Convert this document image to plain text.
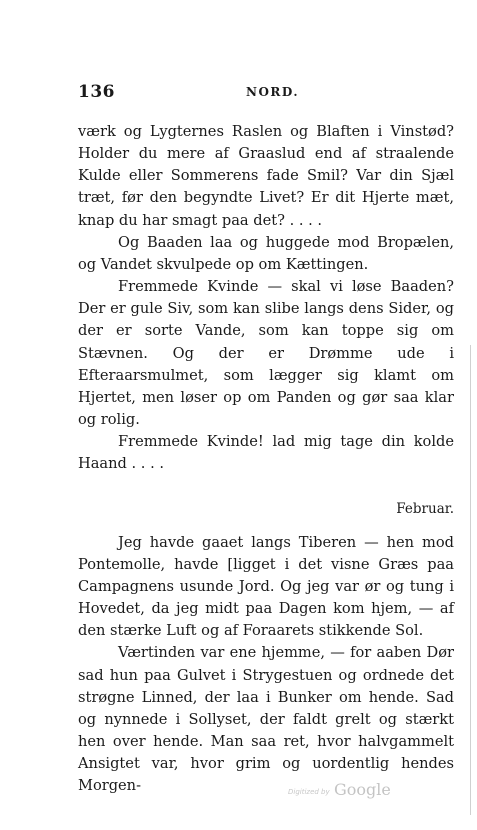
136	NORD.

værk og Lygternes Raslen og Blaften i Vinstød? Holder du mere af Graaslud end af straalende Kulde eller Sommerens fade Smil? Var din Sjæl træt, før den begyndte Livet? Er dit Hjerte mæt, knap du har smagt paa det? . . . .

Og Baaden laa og huggede mod Bropælen, og Vandet skvulpede op om Kættingen.

Fremmede Kvinde — skal vi løse Baaden? Der er gule Siv, som kan slibe langs dens Sider, og der er sorte Vande, som kan toppe sig om Stævnen. Og der er Drømme ude i Efteraarsmulmet, som lægger sig klamt om Hjertet, men løser op om Panden og gør saa klar og rolig.

Fremmede Kvinde! lad mig tage din kolde Haand . . . .

Februar.

Jeg havde gaaet langs Tiberen — hen mod Pontemolle, havde [ligget i det visne Græs paa Campagnens usunde Jord. Og jeg var ør og tung i Hovedet, da jeg midt paa Dagen kom hjem, — af den stærke Luft og af Foraarets stikkende Sol.

Værtinden var ene hjemme, — for aaben Dør sad hun paa Gulvet i Strygestuen og ordnede det strøgne Linned, der laa i Bunker om hende. Sad og nynnede i Sollyset, der faldt grelt og stærkt hen over hende. Man saa ret, hvor halvgammelt Ansigtet var, hvor grim og uordentlig hendes Morgen-	Digitized by Google
